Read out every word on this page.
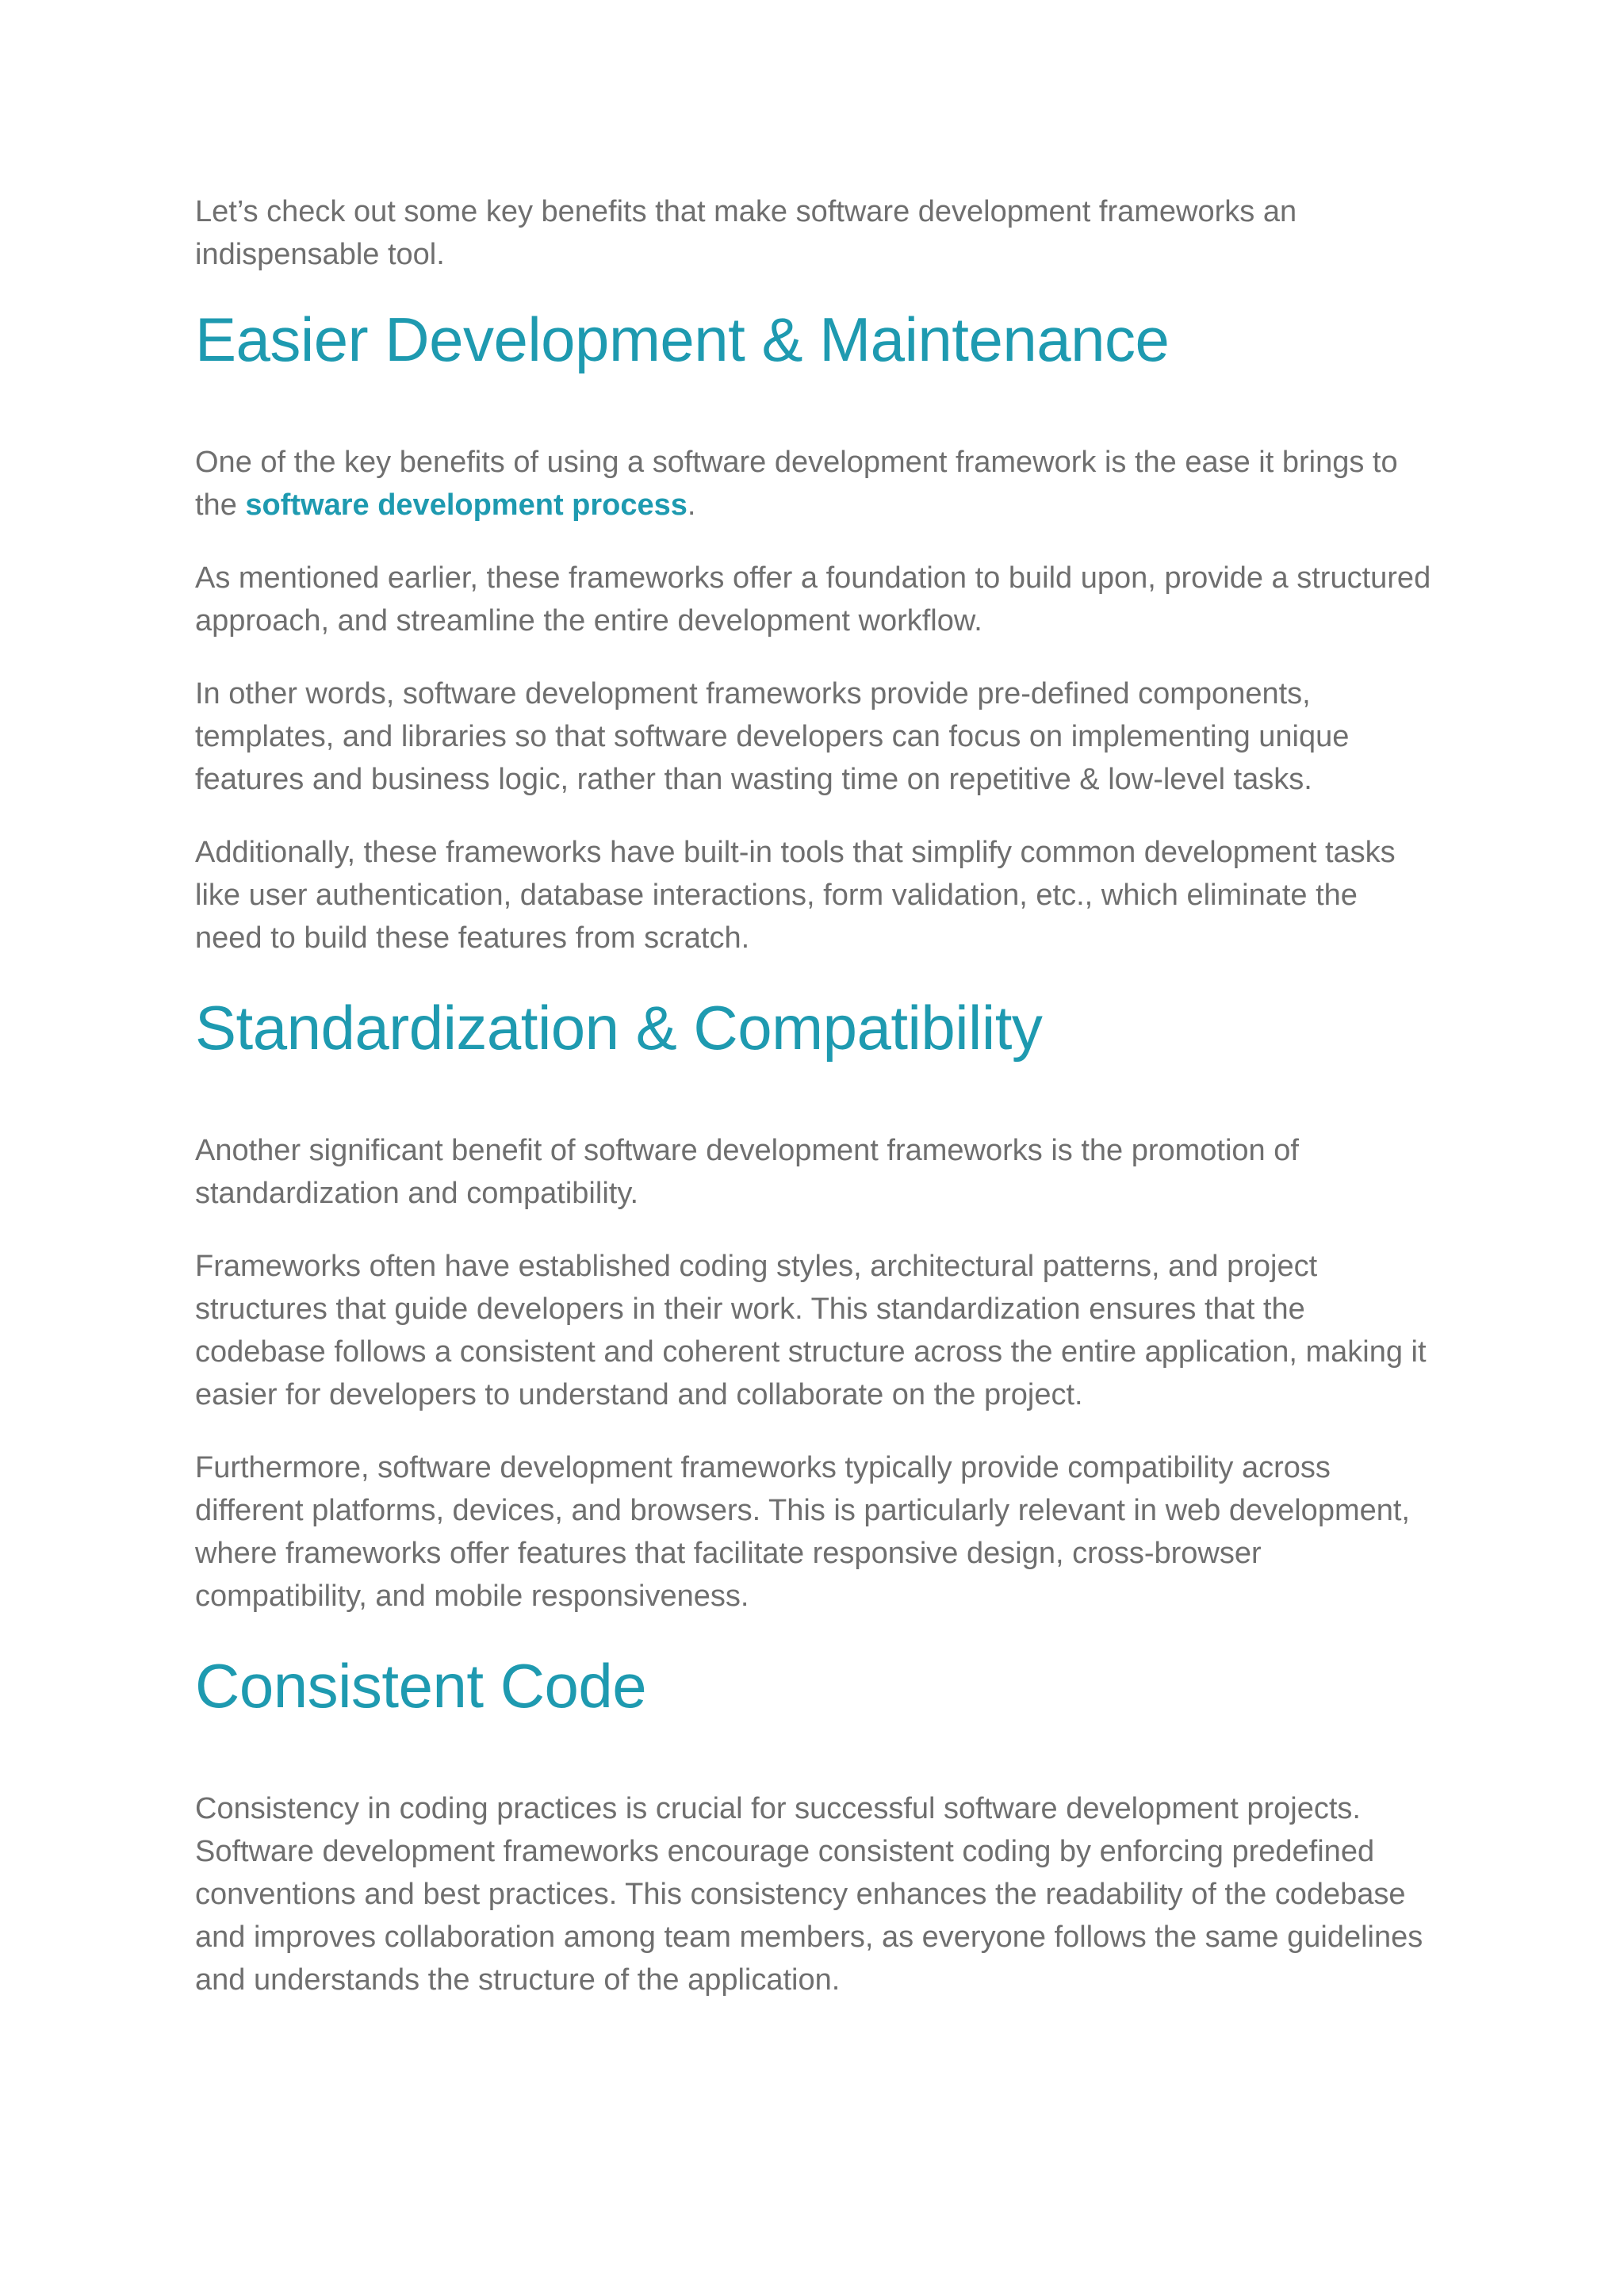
Let’s check out some key benefits that make software development frameworks an indispensable tool.

Easier Development & Maintenance

One of the key benefits of using a software development framework is the ease it brings to the software development process.

As mentioned earlier, these frameworks offer a foundation to build upon, provide a structured approach, and streamline the entire development workflow.

In other words, software development frameworks provide pre-defined components, templates, and libraries so that software developers can focus on implementing unique features and business logic, rather than wasting time on repetitive & low-level tasks.

Additionally, these frameworks have built-in tools that simplify common development tasks like user authentication, database interactions, form validation, etc., which eliminate the need to build these features from scratch.

Standardization & Compatibility

Another significant benefit of software development frameworks is the promotion of standardization and compatibility.

Frameworks often have established coding styles, architectural patterns, and project structures that guide developers in their work. This standardization ensures that the codebase follows a consistent and coherent structure across the entire application, making it easier for developers to understand and collaborate on the project.

Furthermore, software development frameworks typically provide compatibility across different platforms, devices, and browsers. This is particularly relevant in web development, where frameworks offer features that facilitate responsive design, cross-browser compatibility, and mobile responsiveness.

Consistent Code

Consistency in coding practices is crucial for successful software development projects. Software development frameworks encourage consistent coding by enforcing predefined conventions and best practices. This consistency enhances the readability of the codebase and improves collaboration among team members, as everyone follows the same guidelines and understands the structure of the application.
